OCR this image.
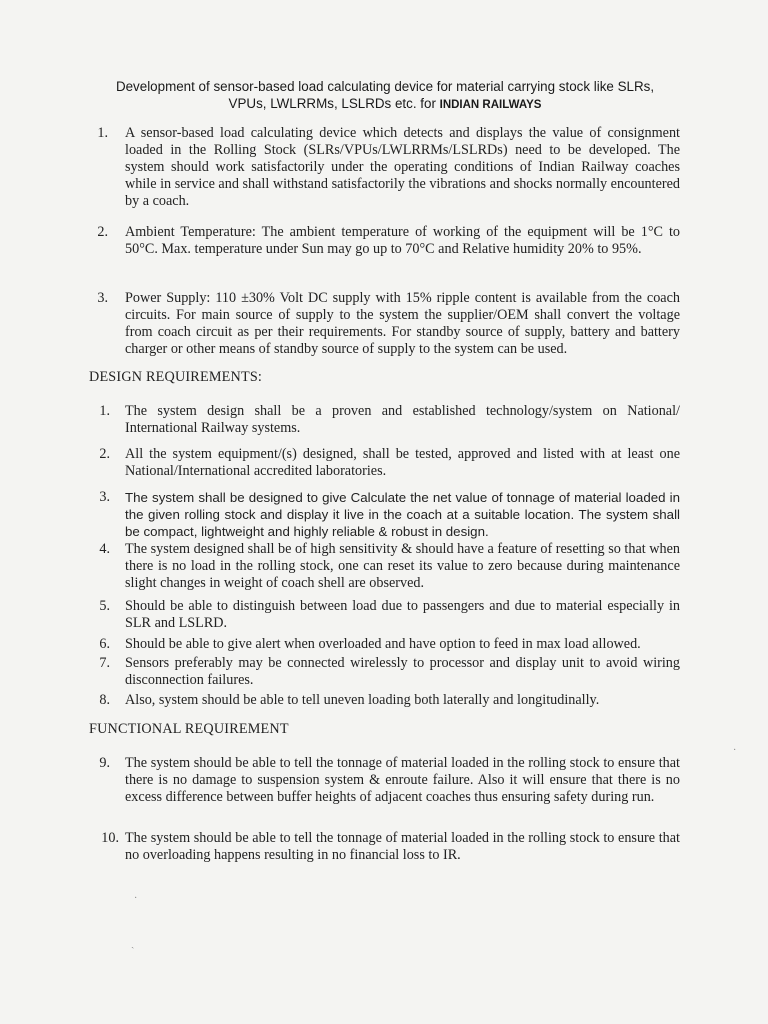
Development of sensor-based load calculating device for material carrying stock like SLRs,
VPUs, LWLRRMs, LSLRDs etc. for INDIAN RAILWAYS
1. A sensor-based load calculating device which detects and displays the value of consignment loaded in the Rolling Stock (SLRs/VPUs/LWLRRMs/LSLRDs) need to be developed. The system should work satisfactorily under the operating conditions of Indian Railway coaches while in service and shall withstand satisfactorily the vibrations and shocks normally encountered by a coach.
2. Ambient Temperature: The ambient temperature of working of the equipment will be 1°C to 50°C. Max. temperature under Sun may go up to 70°C and Relative humidity 20% to 95%.
3. Power Supply: 110 ±30% Volt DC supply with 15% ripple content is available from the coach circuits. For main source of supply to the system the supplier/OEM shall convert the voltage from coach circuit as per their requirements. For standby source of supply, battery and battery charger or other means of standby source of supply to the system can be used.
DESIGN REQUIREMENTS:
1. The system design shall be a proven and established technology/system on National/ International Railway systems.
2. All the system equipment/(s) designed, shall be tested, approved and listed with at least one National/International accredited laboratories.
3. The system shall be designed to give Calculate the net value of tonnage of material loaded in the given rolling stock and display it live in the coach at a suitable location. The system shall be compact, lightweight and highly reliable & robust in design.
4. The system designed shall be of high sensitivity & should have a feature of resetting so that when there is no load in the rolling stock, one can reset its value to zero because during maintenance slight changes in weight of coach shell are observed.
5. Should be able to distinguish between load due to passengers and due to material especially in SLR and LSLRD.
6. Should be able to give alert when overloaded and have option to feed in max load allowed.
7. Sensors preferably may be connected wirelessly to processor and display unit to avoid wiring disconnection failures.
8. Also, system should be able to tell uneven loading both laterally and longitudinally.
FUNCTIONAL REQUIREMENT
9. The system should be able to tell the tonnage of material loaded in the rolling stock to ensure that there is no damage to suspension system & enroute failure. Also it will ensure that there is no excess difference between buffer heights of adjacent coaches thus ensuring safety during run.
10. The system should be able to tell the tonnage of material loaded in the rolling stock to ensure that no overloading happens resulting in no financial loss to IR.
·
ˏ
·
